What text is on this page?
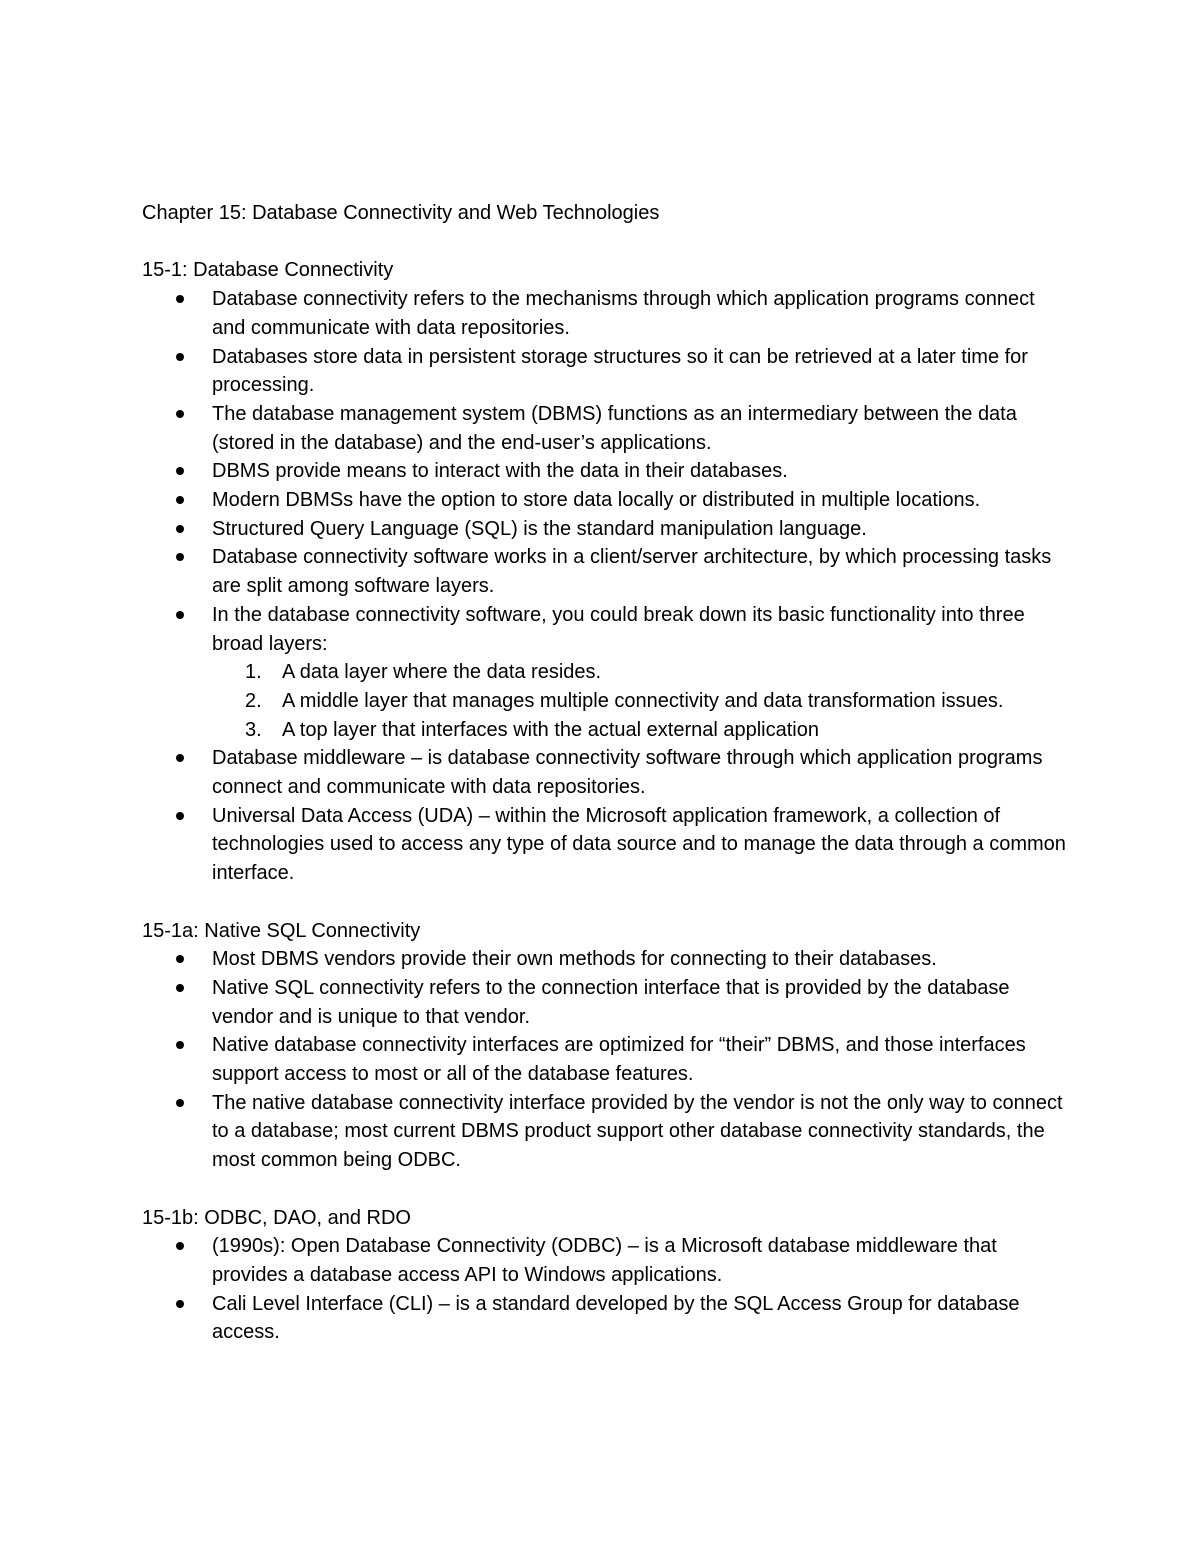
Chapter 15: Database Connectivity and Web Technologies

15-1: Database Connectivity

Database connectivity refers to the mechanisms through which application programs connect and communicate with data repositories.
Databases store data in persistent storage structures so it can be retrieved at a later time for processing.
The database management system (DBMS) functions as an intermediary between the data (stored in the database) and the end-user’s applications.
DBMS provide means to interact with the data in their databases.
Modern DBMSs have the option to store data locally or distributed in multiple locations.
Structured Query Language (SQL) is the standard manipulation language.
Database connectivity software works in a client/server architecture, by which processing tasks are split among software layers.
In the database connectivity software, you could break down its basic functionality into three broad layers:
1. A data layer where the data resides.
2. A middle layer that manages multiple connectivity and data transformation issues.
3. A top layer that interfaces with the actual external application
Database middleware – is database connectivity software through which application programs connect and communicate with data repositories.
Universal Data Access (UDA) – within the Microsoft application framework, a collection of technologies used to access any type of data source and to manage the data through a common interface.

15-1a: Native SQL Connectivity

Most DBMS vendors provide their own methods for connecting to their databases.
Native SQL connectivity refers to the connection interface that is provided by the database vendor and is unique to that vendor.
Native database connectivity interfaces are optimized for “their” DBMS, and those interfaces support access to most or all of the database features.
The native database connectivity interface provided by the vendor is not the only way to connect to a database; most current DBMS product support other database connectivity standards, the most common being ODBC.

15-1b: ODBC, DAO, and RDO

(1990s): Open Database Connectivity (ODBC) – is a Microsoft database middleware that provides a database access API to Windows applications.
Cali Level Interface (CLI) – is a standard developed by the SQL Access Group for database access.
